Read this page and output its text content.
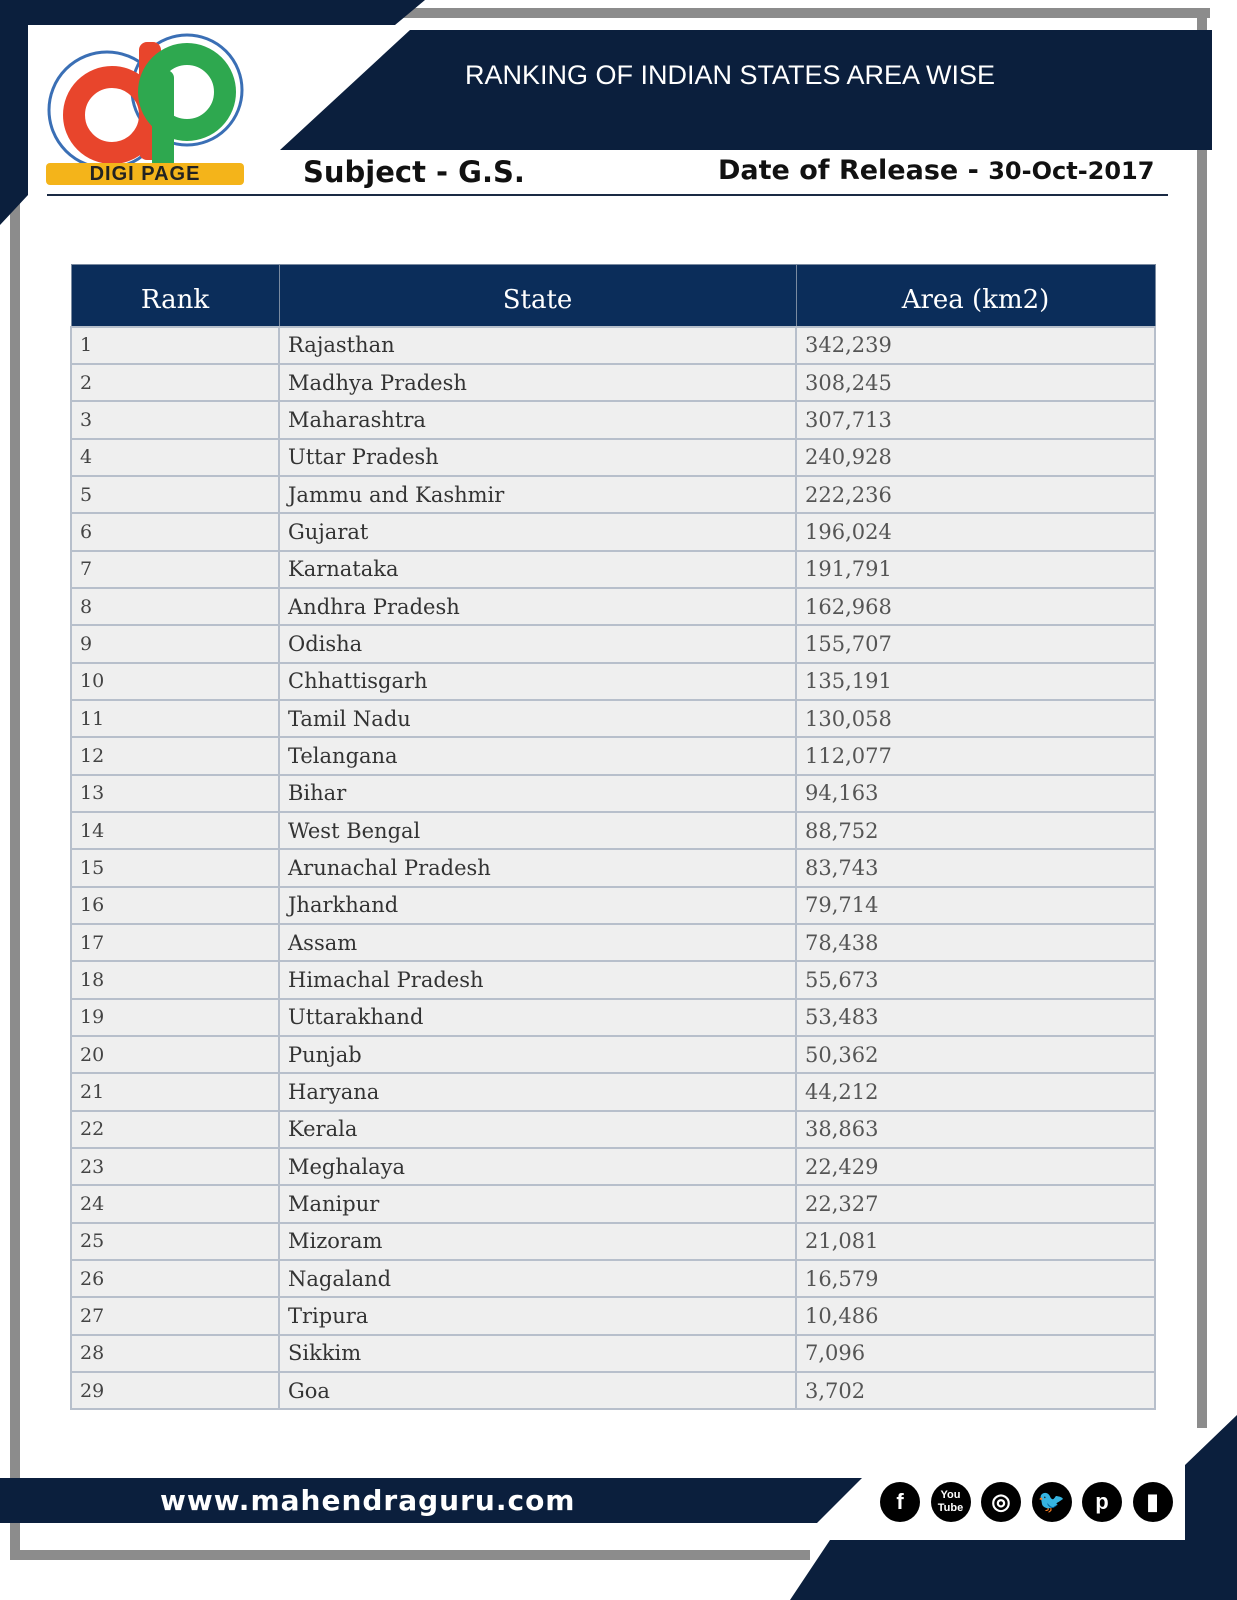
DIGI PAGE
RANKING OF INDIAN STATES AREA WISE
Subject - G.S.	Date of Release - 30-Oct-2017
Rank	State	Area (km2)
1	Rajasthan	342,239
2	Madhya Pradesh	308,245
3	Maharashtra	307,713
4	Uttar Pradesh	240,928
5	Jammu and Kashmir	222,236
6	Gujarat	196,024
7	Karnataka	191,791
8	Andhra Pradesh	162,968
9	Odisha	155,707
10	Chhattisgarh	135,191
11	Tamil Nadu	130,058
12	Telangana	112,077
13	Bihar	94,163
14	West Bengal	88,752
15	Arunachal Pradesh	83,743
16	Jharkhand	79,714
17	Assam	78,438
18	Himachal Pradesh	55,673
19	Uttarakhand	53,483
20	Punjab	50,362
21	Haryana	44,212
22	Kerala	38,863
23	Meghalaya	22,429
24	Manipur	22,327
25	Mizoram	21,081
26	Nagaland	16,579
27	Tripura	10,486
28	Sikkim	7,096
29	Goa	3,702
www.mahendraguru.com	f	You Tube	◎	🐦	p	▮
